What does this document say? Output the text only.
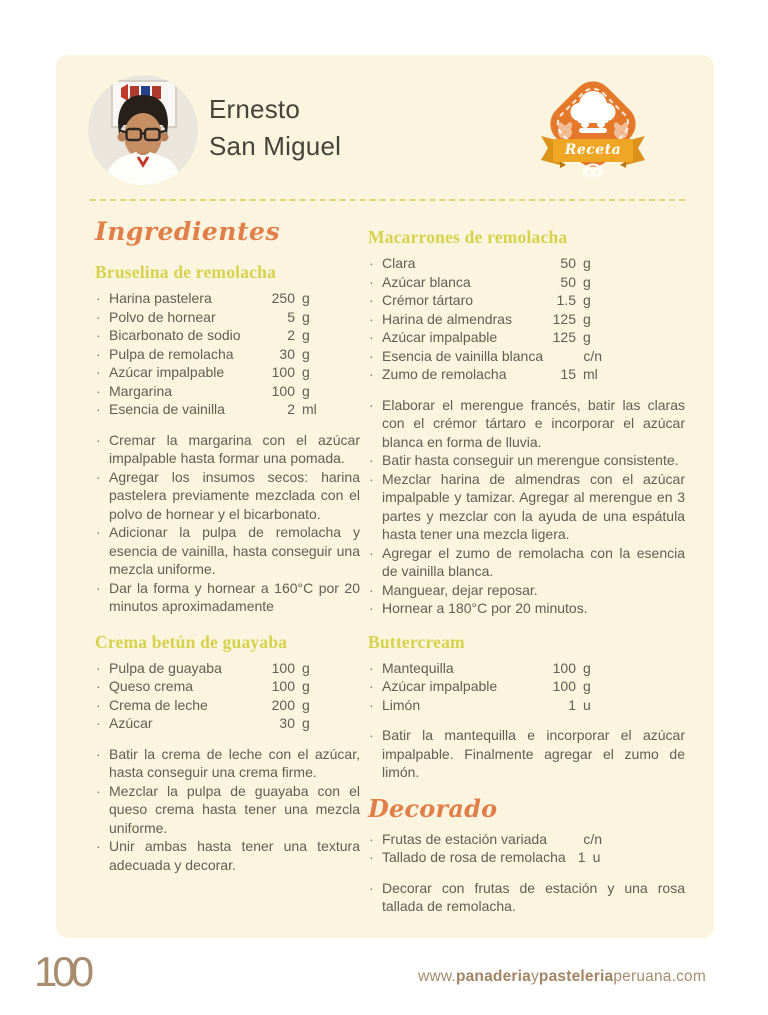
Ernesto
San Miguel	Receta
Ingredientes
Bruselina de remolacha
· Harina pastelera	250 g
· Polvo de hornear	5 g
· Bicarbonato de sodio	2 g
· Pulpa de remolacha	30 g
· Azúcar impalpable	100 g
· Margarina	100 g
· Esencia de vainilla	2 ml
· Cremar la margarina con el azúcar impalpable hasta formar una pomada.
· Agregar los insumos secos: harina pastelera previamente mezclada con el polvo de hornear y el bicarbonato.
· Adicionar la pulpa de remolacha y esencia de vainilla, hasta conseguir una mezcla uniforme.
· Dar la forma y hornear a 160°C por 20 minutos aproximadamente
Crema betún de guayaba
· Pulpa de guayaba	100 g
· Queso crema	100 g
· Crema de leche	200 g
· Azúcar	30 g
· Batir la crema de leche con el azúcar, hasta conseguir una crema firme.
· Mezclar la pulpa de guayaba con el queso crema hasta tener una mezcla uniforme.
· Unir ambas hasta tener una textura adecuada y decorar.
Macarrones de remolacha
· Clara	50 g
· Azúcar blanca	50 g
· Crémor tártaro	1.5 g
· Harina de almendras	125 g
· Azúcar impalpable	125 g
· Esencia de vainilla blanca	c/n
· Zumo de remolacha	15 ml
· Elaborar el merengue francés, batir las claras con el crémor tártaro e incorporar el azúcar blanca en forma de lluvia.
· Batir hasta conseguir un merengue consistente.
· Mezclar harina de almendras con el azúcar impalpable y tamizar. Agregar al merengue en 3 partes y mezclar con la ayuda de una espátula hasta tener una mezcla ligera.
· Agregar el zumo de remolacha con la esencia de vainilla blanca.
· Manguear, dejar reposar.
· Hornear a 180°C por 20 minutos.
Buttercream
· Mantequilla	100 g
· Azúcar impalpable	100 g
· Limón	1 u
· Batir la mantequilla e incorporar el azúcar impalpable. Finalmente agregar el zumo de limón.
Decorado
· Frutas de estación variada	c/n
· Tallado de rosa de remolacha 1 u
· Decorar con frutas de estación y una rosa tallada de remolacha.
100	www.panaderiaypasteleriaperuana.com
